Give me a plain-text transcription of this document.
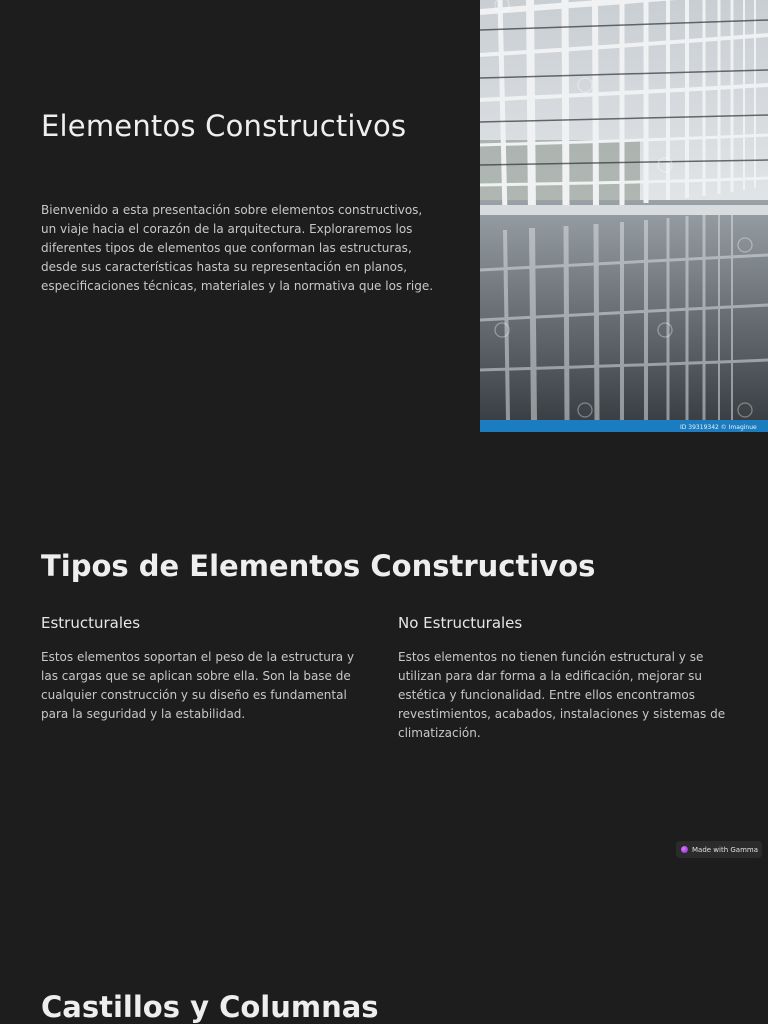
Elementos Constructivos

Bienvenido a esta presentación sobre elementos constructivos, un viaje hacia el corazón de la arquitectura. Exploraremos los diferentes tipos de elementos que conforman las estructuras, desde sus características hasta su representación en planos, especificaciones técnicas, materiales y la normativa que los rige.

ID 39319342 © Imaginue
Tipos de Elementos Constructivos
Estructurales

Estos elementos soportan el peso de la estructura y las cargas que se aplican sobre ella. Son la base de cualquier construcción y su diseño es fundamental para la seguridad y la estabilidad.

No Estructurales

Estos elementos no tienen función estructural y se utilizan para dar forma a la edificación, mejorar su estética y funcionalidad. Entre ellos encontramos revestimientos, acabados, instalaciones y sistemas de climatización.

Made with Gamma
Castillos y Columnas
